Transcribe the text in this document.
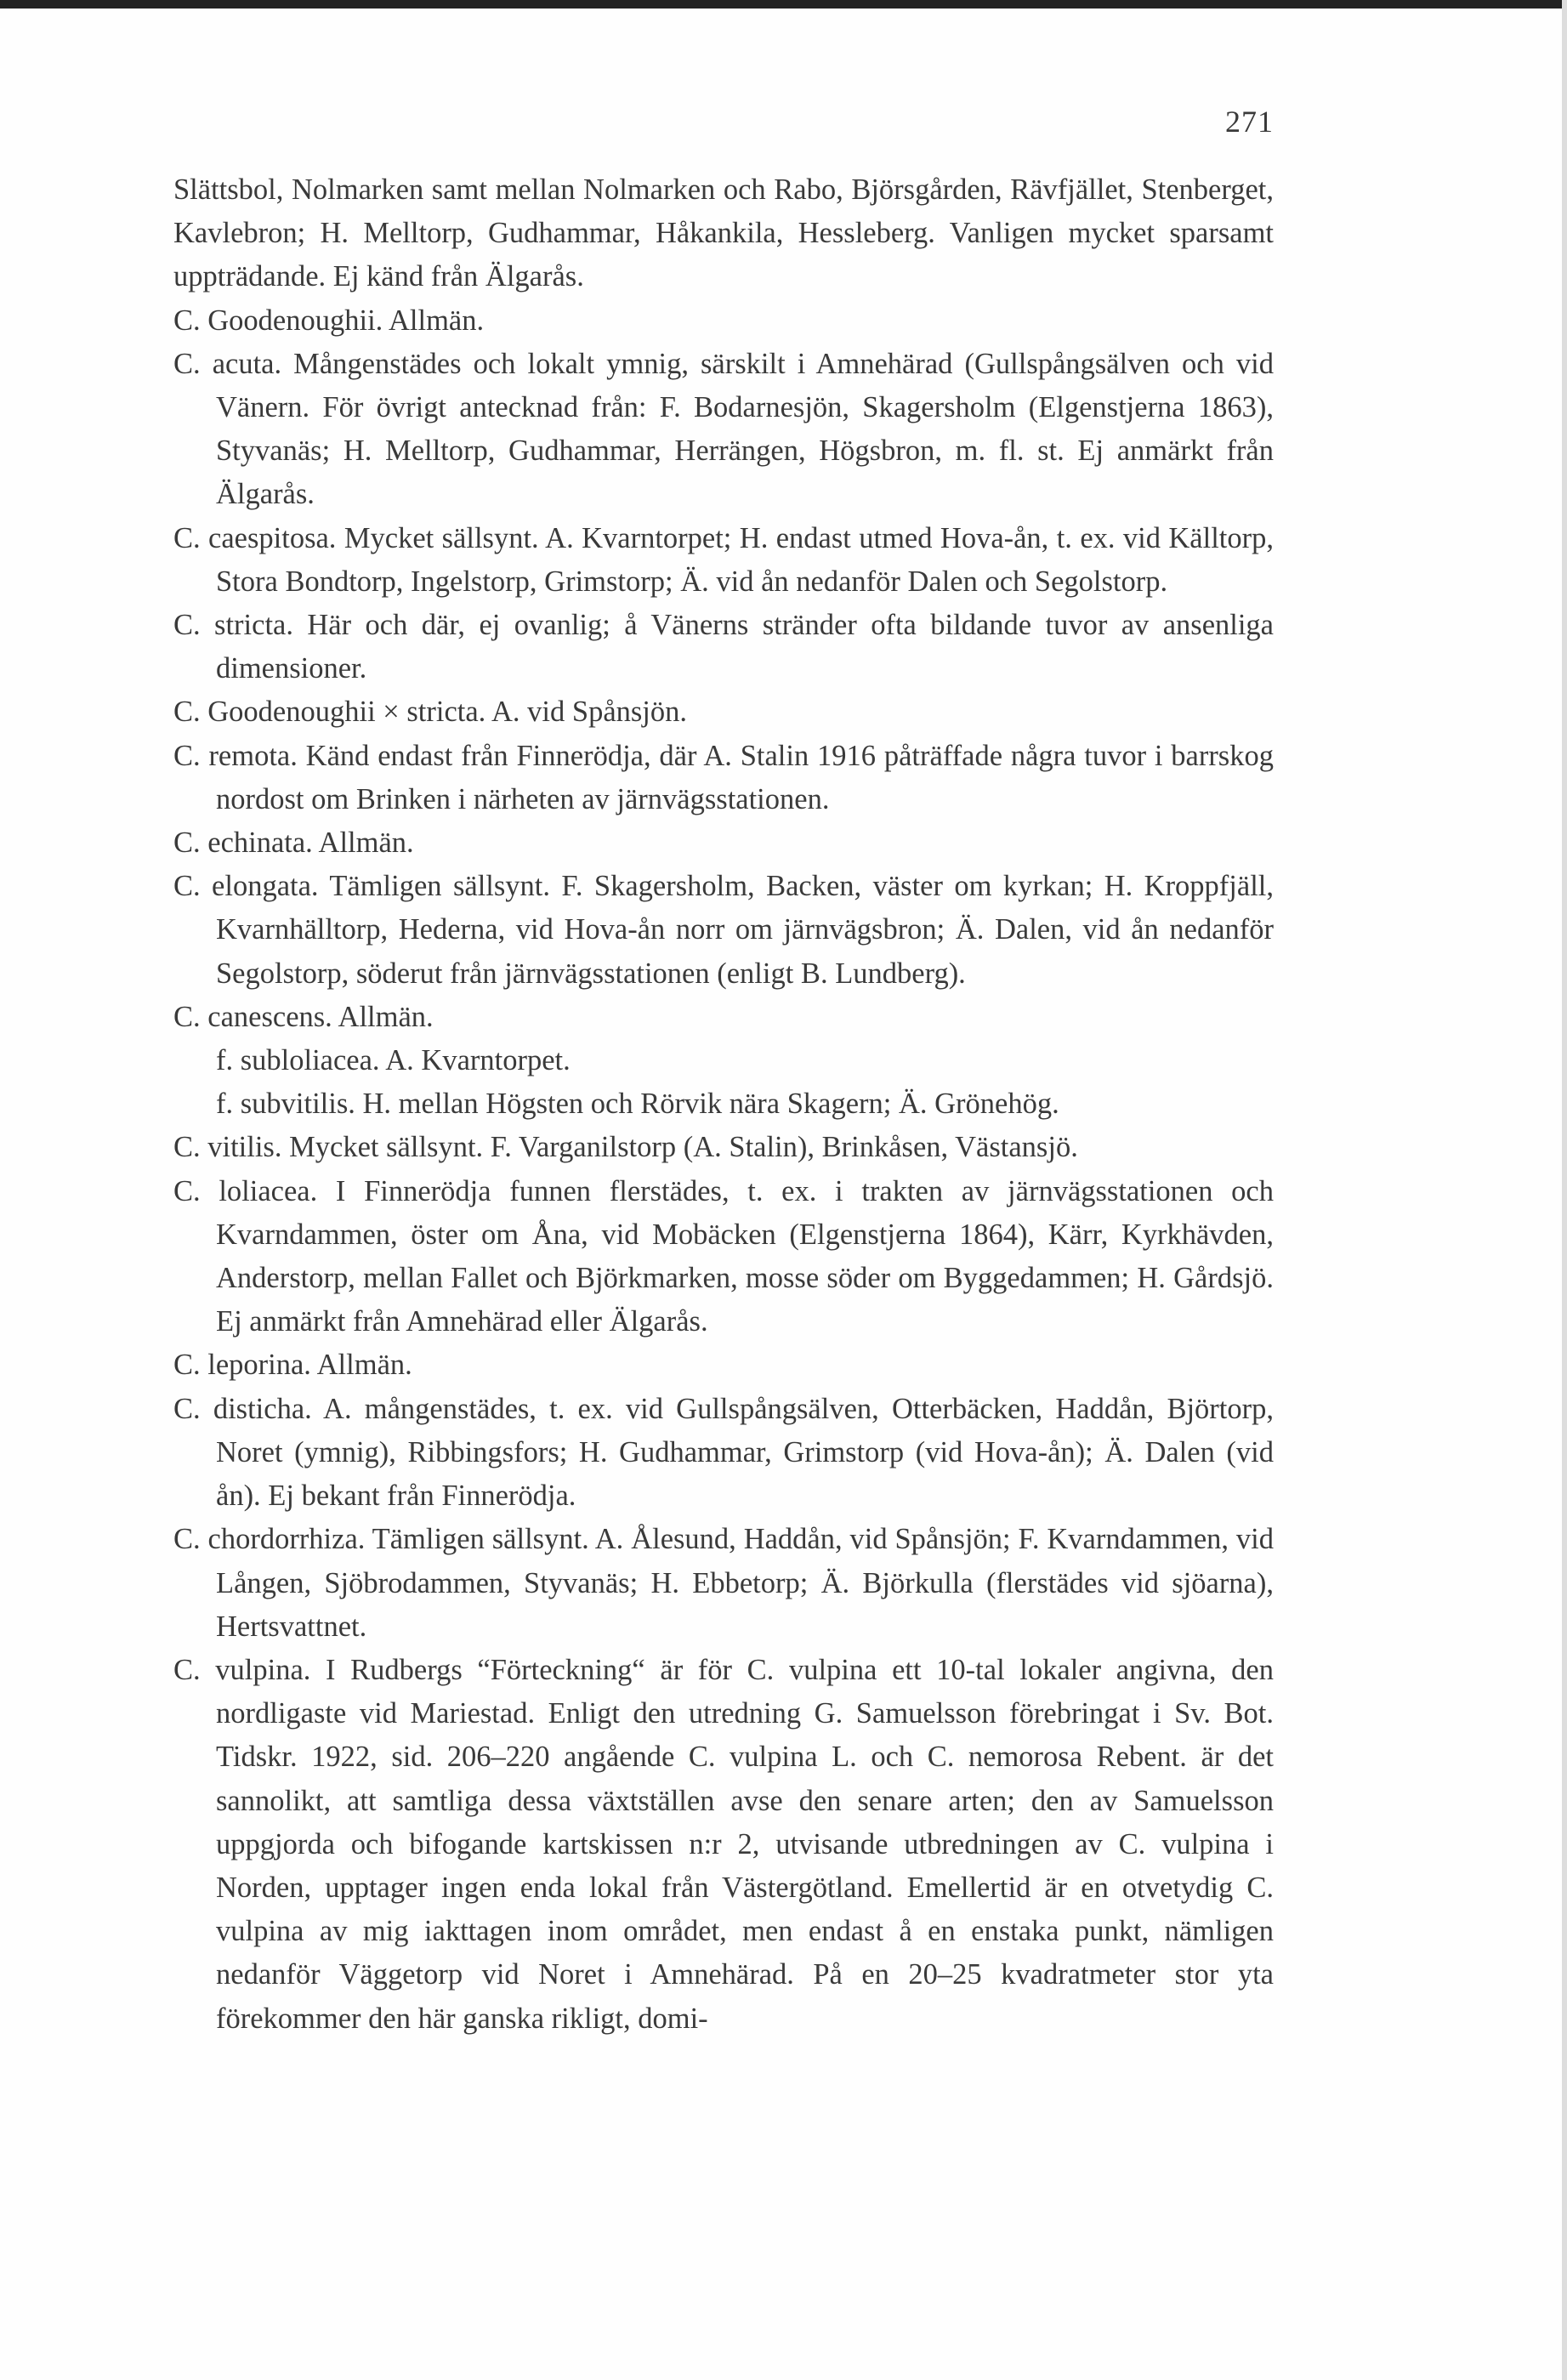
271

Slättsbol, Nolmarken samt mellan Nolmarken och Rabo, Björsgården, Rävfjället, Stenberget, Kavlebron; H. Melltorp, Gudhammar, Håkankila, Hessleberg. Vanligen mycket sparsamt uppträdande. Ej känd från Älgarås.

C. Goodenoughii. Allmän.

C. acuta. Mångenstädes och lokalt ymnig, särskilt i Amnehärad (Gullspångsälven och vid Vänern. För övrigt antecknad från: F. Bodarnesjön, Skagersholm (Elgenstjerna 1863), Styvanäs; H. Melltorp, Gudhammar, Herrängen, Högsbron, m. fl. st. Ej anmärkt från Älgarås.

C. caespitosa. Mycket sällsynt. A. Kvarntorpet; H. endast utmed Hova-ån, t. ex. vid Källtorp, Stora Bondtorp, Ingelstorp, Grimstorp; Ä. vid ån nedanför Dalen och Segolstorp.

C. stricta. Här och där, ej ovanlig; å Vänerns stränder ofta bildande tuvor av ansenliga dimensioner.

C. Goodenoughii × stricta. A. vid Spånsjön.

C. remota. Känd endast från Finnerödja, där A. Stalin 1916 påträffade några tuvor i barrskog nordost om Brinken i närheten av järnvägsstationen.

C. echinata. Allmän.

C. elongata. Tämligen sällsynt. F. Skagersholm, Backen, väster om kyrkan; H. Kroppfjäll, Kvarnhälltorp, Hederna, vid Hova-ån norr om järnvägsbron; Ä. Dalen, vid ån nedanför Segolstorp, söderut från järnvägsstationen (enligt B. Lundberg).

C. canescens. Allmän.

f. subloliacea. A. Kvarntorpet.

f. subvitilis. H. mellan Högsten och Rörvik nära Skagern; Ä. Grönehög.

C. vitilis. Mycket sällsynt. F. Varganilstorp (A. Stalin), Brinkåsen, Västansjö.

C. loliacea. I Finnerödja funnen flerstädes, t. ex. i trakten av järnvägsstationen och Kvarndammen, öster om Åna, vid Mobäcken (Elgenstjerna 1864), Kärr, Kyrkhävden, Anderstorp, mellan Fallet och Björkmarken, mosse söder om Byggedammen; H. Gårdsjö. Ej anmärkt från Amnehärad eller Älgarås.

C. leporina. Allmän.

C. disticha. A. mångenstädes, t. ex. vid Gullspångsälven, Otterbäcken, Haddån, Björtorp, Noret (ymnig), Ribbingsfors; H. Gudhammar, Grimstorp (vid Hova-ån); Ä. Dalen (vid ån). Ej bekant från Finnerödja.

C. chordorrhiza. Tämligen sällsynt. A. Ålesund, Haddån, vid Spånsjön; F. Kvarndammen, vid Lången, Sjöbrodammen, Styvanäs; H. Ebbetorp; Ä. Björkulla (flerstädes vid sjöarna), Hertsvattnet.

C. vulpina. I Rudbergs “Förteckning“ är för C. vulpina ett 10-tal lokaler angivna, den nordligaste vid Mariestad. Enligt den utredning G. Samuelsson förebringat i Sv. Bot. Tidskr. 1922, sid. 206–220 angående C. vulpina L. och C. nemorosa Rebent. är det sannolikt, att samtliga dessa växtställen avse den senare arten; den av Samuelsson uppgjorda och bifogande kartskissen n:r 2, utvisande utbredningen av C. vulpina i Norden, upptager ingen enda lokal från Västergötland. Emellertid är en otvetydig C. vulpina av mig iakttagen inom området, men endast å en enstaka punkt, nämligen nedanför Väggetorp vid Noret i Amnehärad. På en 20–25 kvadratmeter stor yta förekommer den här ganska rikligt, domi-
